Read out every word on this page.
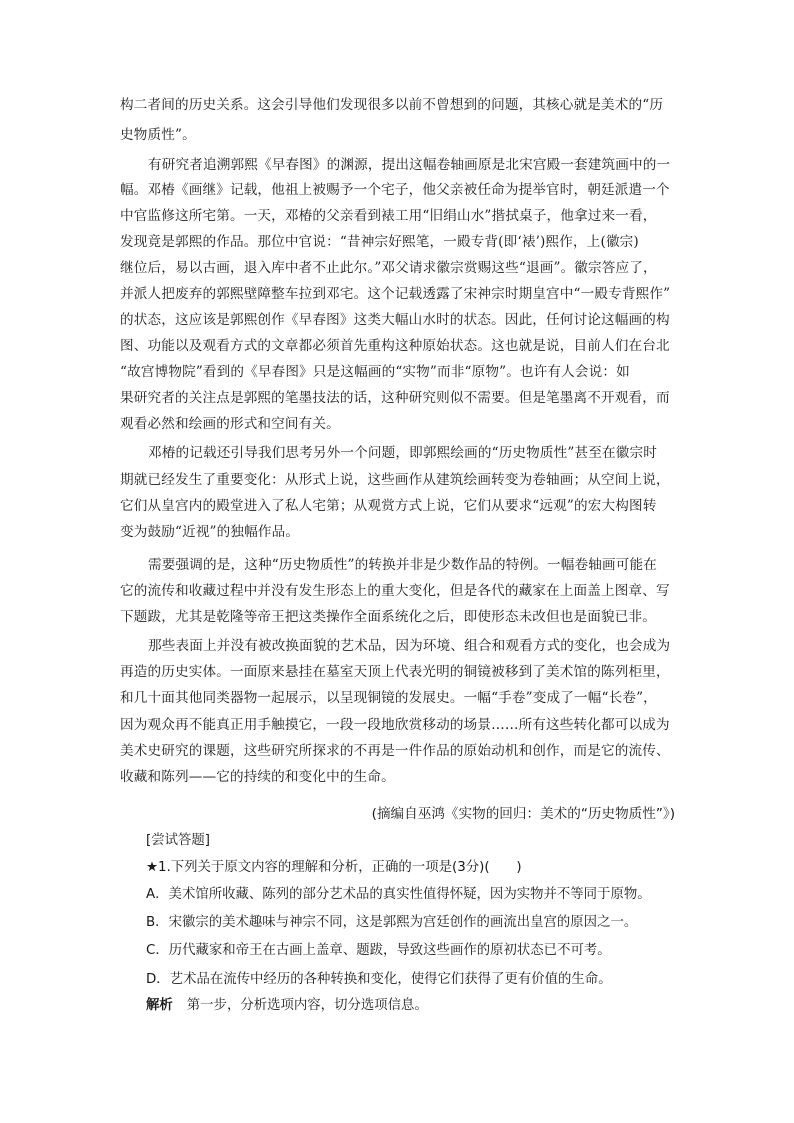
构二者间的历史关系。这会引导他们发现很多以前不曾想到的问题，其核心就是美术的“历
史物质性”。
有研究者追溯郭熙《早春图》的渊源，提出这幅卷轴画原是北宋宫殿一套建筑画中的一
幅。邓椿《画继》记载，他祖上被赐予一个宅子，他父亲被任命为提举官时，朝廷派遣一个
中官监修这所宅第。一天，邓椿的父亲看到裱工用“旧绢山水”揩拭桌子，他拿过来一看，
发现竟是郭熙的作品。那位中官说：“昔神宗好熙笔，一殿专背(即‘裱’)熙作，上(徽宗)
继位后，易以古画，退入库中者不止此尔。”邓父请求徽宗赏赐这些“退画”。徽宗答应了，
并派人把废弃的郭熙壁障整车拉到邓宅。这个记载透露了宋神宗时期皇宫中“一殿专背熙作”
的状态，这应该是郭熙创作《早春图》这类大幅山水时的状态。因此，任何讨论这幅画的构
图、功能以及观看方式的文章都必须首先重构这种原始状态。这也就是说，目前人们在台北
“故宫博物院”看到的《早春图》只是这幅画的“实物”而非“原物”。也许有人会说：如
果研究者的关注点是郭熙的笔墨技法的话，这种研究则似不需要。但是笔墨离不开观看，而
观看必然和绘画的形式和空间有关。
邓椿的记载还引导我们思考另外一个问题，即郭熙绘画的“历史物质性”甚至在徽宗时
期就已经发生了重要变化：从形式上说，这些画作从建筑绘画转变为卷轴画；从空间上说，
它们从皇宫内的殿堂进入了私人宅第；从观赏方式上说，它们从要求“远观”的宏大构图转
变为鼓励“近视”的独幅作品。
需要强调的是，这种“历史物质性”的转换并非是少数作品的特例。一幅卷轴画可能在
它的流传和收藏过程中并没有发生形态上的重大变化，但是各代的藏家在上面盖上图章、写
下题跋，尤其是乾隆等帝王把这类操作全面系统化之后，即使形态未改但也是面貌已非。
那些表面上并没有被改换面貌的艺术品，因为环境、组合和观看方式的变化，也会成为
再造的历史实体。一面原来悬挂在墓室天顶上代表光明的铜镜被移到了美术馆的陈列柜里，
和几十面其他同类器物一起展示，以呈现铜镜的发展史。一幅“手卷”变成了一幅“长卷”，
因为观众再不能真正用手触摸它，一段一段地欣赏移动的场景……所有这些转化都可以成为
美术史研究的课题，这些研究所探求的不再是一件作品的原始动机和创作，而是它的流传、
收藏和陈列——它的持续的和变化中的生命。
(摘编自巫鸿《实物的回归：美术的“历史物质性”》)
[尝试答题]
★1.下列关于原文内容的理解和分析，正确的一项是(3分)(　　)
A．美术馆所收藏、陈列的部分艺术品的真实性值得怀疑，因为实物并不等同于原物。
B．宋徽宗的美术趣味与神宗不同，这是郭熙为宫廷创作的画流出皇宫的原因之一。
C．历代藏家和帝王在古画上盖章、题跋，导致这些画作的原初状态已不可考。
D．艺术品在流传中经历的各种转换和变化，使得它们获得了更有价值的生命。
解析 第一步，分析选项内容，切分选项信息。
